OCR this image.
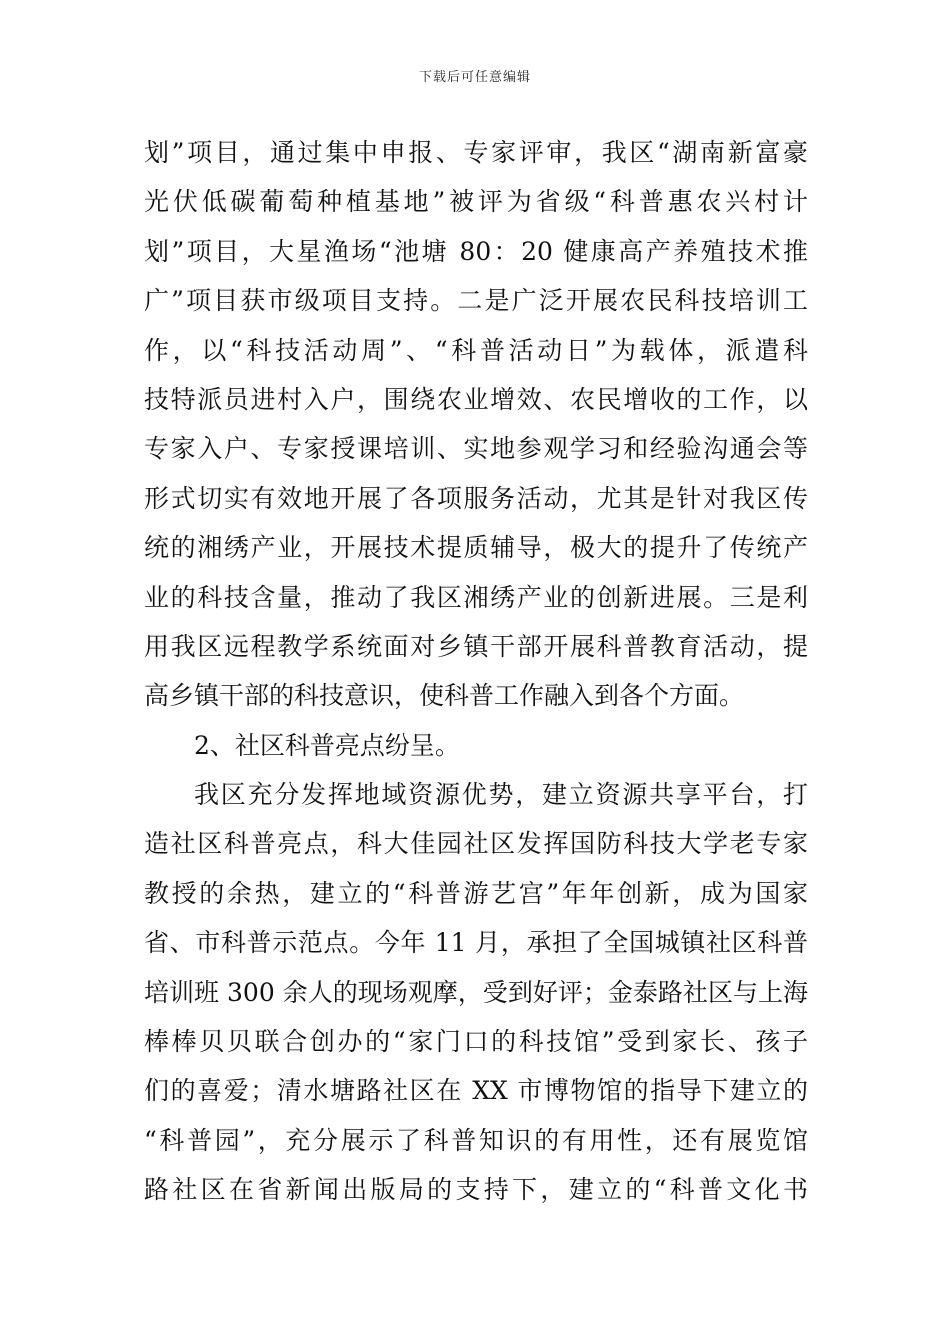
下载后可任意编辑
划”项目，通过集中申报、专家评审，我区“湖南新富豪
光伏低碳葡萄种植基地”被评为省级“科普惠农兴村计
划”项目，大星渔场“池塘 80：20 健康高产养殖技术推
广”项目获市级项目支持。二是广泛开展农民科技培训工
作，以“科技活动周”、“科普活动日”为载体，派遣科
技特派员进村入户，围绕农业增效、农民增收的工作，以
专家入户、专家授课培训、实地参观学习和经验沟通会等
形式切实有效地开展了各项服务活动，尤其是针对我区传
统的湘绣产业，开展技术提质辅导，极大的提升了传统产
业的科技含量，推动了我区湘绣产业的创新进展。三是利
用我区远程教学系统面对乡镇干部开展科普教育活动，提
高乡镇干部的科技意识，使科普工作融入到各个方面。
2、社区科普亮点纷呈。
我区充分发挥地域资源优势，建立资源共享平台，打
造社区科普亮点，科大佳园社区发挥国防科技大学老专家
教授的余热，建立的“科普游艺宫”年年创新，成为国家
省、市科普示范点。今年 11 月，承担了全国城镇社区科普
培训班 300 余人的现场观摩，受到好评；金泰路社区与上海
棒棒贝贝联合创办的“家门口的科技馆”受到家长、孩子
们的喜爱；清水塘路社区在 XX 市博物馆的指导下建立的
“科普园”，充分展示了科普知识的有用性，还有展览馆
路社区在省新闻出版局的支持下，建立的“科普文化书
